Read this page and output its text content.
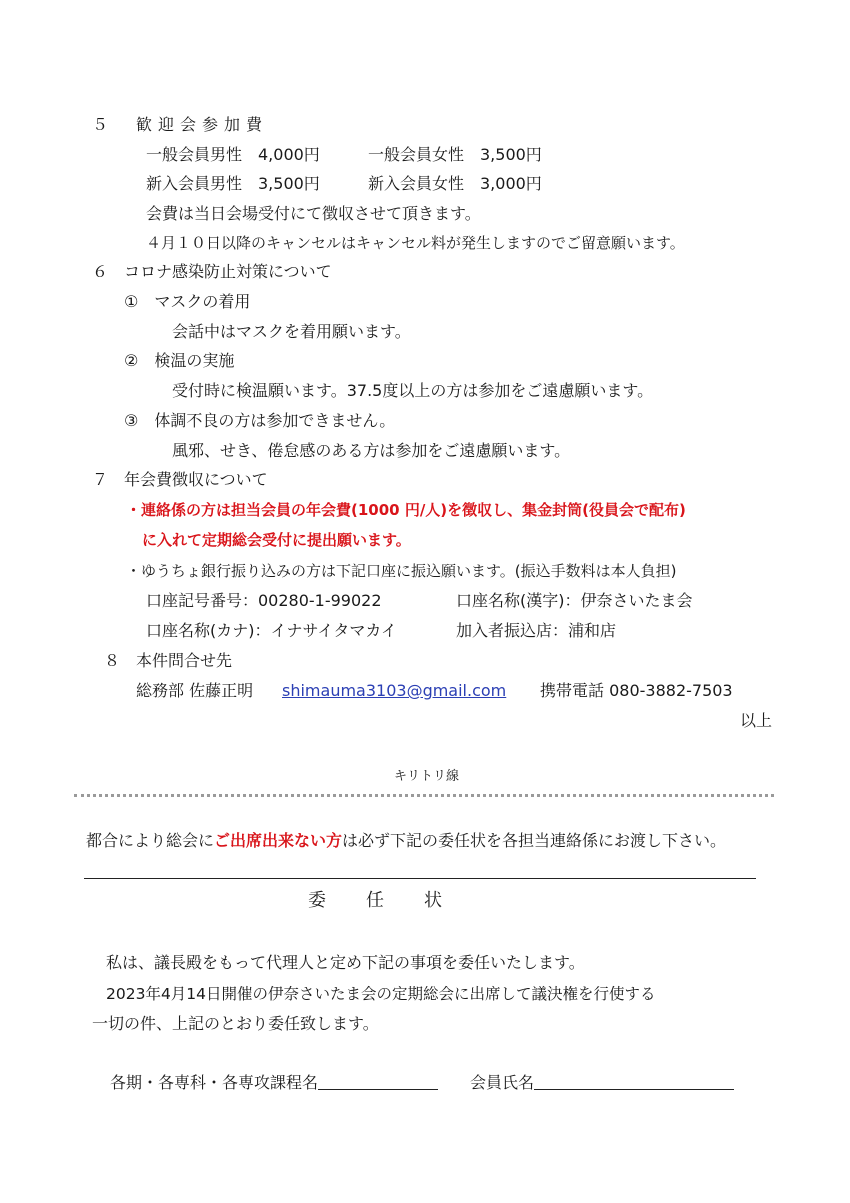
５　歓迎会参加費
一般会員男性　4,000円	一般会員女性　3,500円
新入会員男性　3,500円	新入会員女性　3,000円
会費は当日会場受付にて徴収させて頂きます。
４月１０日以降のキャンセルはキャンセル料が発生しますのでご留意願います。
６　コロナ感染防止対策について
①　マスクの着用
会話中はマスクを着用願います。
②　検温の実施
受付時に検温願います。37.5度以上の方は参加をご遠慮願います。
③　体調不良の方は参加できません。
風邪、せき、倦怠感のある方は参加をご遠慮願います。
７　年会費徴収について
・連絡係の方は担当会員の年会費(1000 円/人)を徴収し、集金封筒(役員会で配布)
に入れて定期総会受付に提出願います。
・ゆうちょ銀行振り込みの方は下記口座に振込願います。(振込手数料は本人負担)
口座記号番号：00280-1-99022	口座名称(漢字)：伊奈さいたま会
口座名称(カナ)：イナサイタマカイ	加入者振込店：浦和店
８　本件問合せ先
総務部 佐藤正明 shimauma3103@gmail.com 携帯電話 080-3882-7503
以上
キリトリ線
都合により総会にご出席出来ない方は必ず下記の委任状を各担当連絡係にお渡し下さい。
委任状
私は、議長殿をもって代理人と定め下記の事項を委任いたします。
2023年4月14日開催の伊奈さいたま会の定期総会に出席して議決権を行使する
一切の件、上記のとおり委任致します。
各期・各専科・各専攻課程名	会員氏名
